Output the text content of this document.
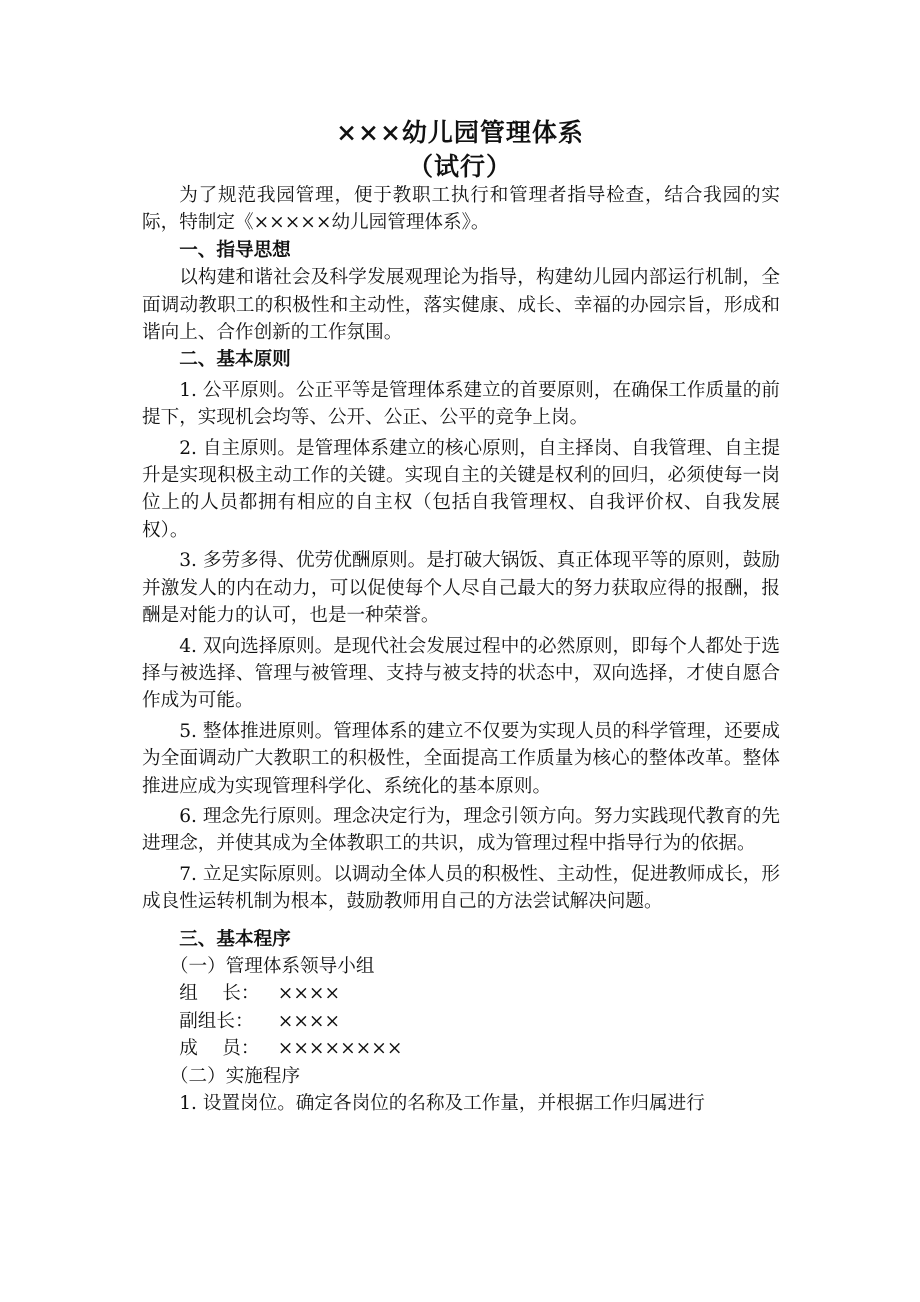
×××幼儿园管理体系
（试行）

为了规范我园管理，便于教职工执行和管理者指导检查，结合我园的实际，特制定《×××××幼儿园管理体系》。

一、指导思想

以构建和谐社会及科学发展观理论为指导，构建幼儿园内部运行机制，全面调动教职工的积极性和主动性，落实健康、成长、幸福的办园宗旨，形成和谐向上、合作创新的工作氛围。

二、基本原则

1. 公平原则。公正平等是管理体系建立的首要原则，在确保工作质量的前提下，实现机会均等、公开、公正、公平的竞争上岗。

2. 自主原则。是管理体系建立的核心原则，自主择岗、自我管理、自主提升是实现积极主动工作的关键。实现自主的关键是权利的回归，必须使每一岗位上的人员都拥有相应的自主权（包括自我管理权、自我评价权、自我发展权）。

3. 多劳多得、优劳优酬原则。是打破大锅饭、真正体现平等的原则，鼓励并激发人的内在动力，可以促使每个人尽自己最大的努力获取应得的报酬，报酬是对能力的认可，也是一种荣誉。

4. 双向选择原则。是现代社会发展过程中的必然原则，即每个人都处于选择与被选择、管理与被管理、支持与被支持的状态中，双向选择，才使自愿合作成为可能。

5. 整体推进原则。管理体系的建立不仅要为实现人员的科学管理，还要成为全面调动广大教职工的积极性，全面提高工作质量为核心的整体改革。整体推进应成为实现管理科学化、系统化的基本原则。

6. 理念先行原则。理念决定行为，理念引领方向。努力实践现代教育的先进理念，并使其成为全体教职工的共识，成为管理过程中指导行为的依据。

7. 立足实际原则。以调动全体人员的积极性、主动性，促进教师成长，形成良性运转机制为根本，鼓励教师用自己的方法尝试解决问题。

三、基本程序

（一）管理体系领导小组

组　 长： ××××

副组长： ××××

成　 员： ××××××××

（二）实施程序

1. 设置岗位。确定各岗位的名称及工作量，并根据工作归属进行
